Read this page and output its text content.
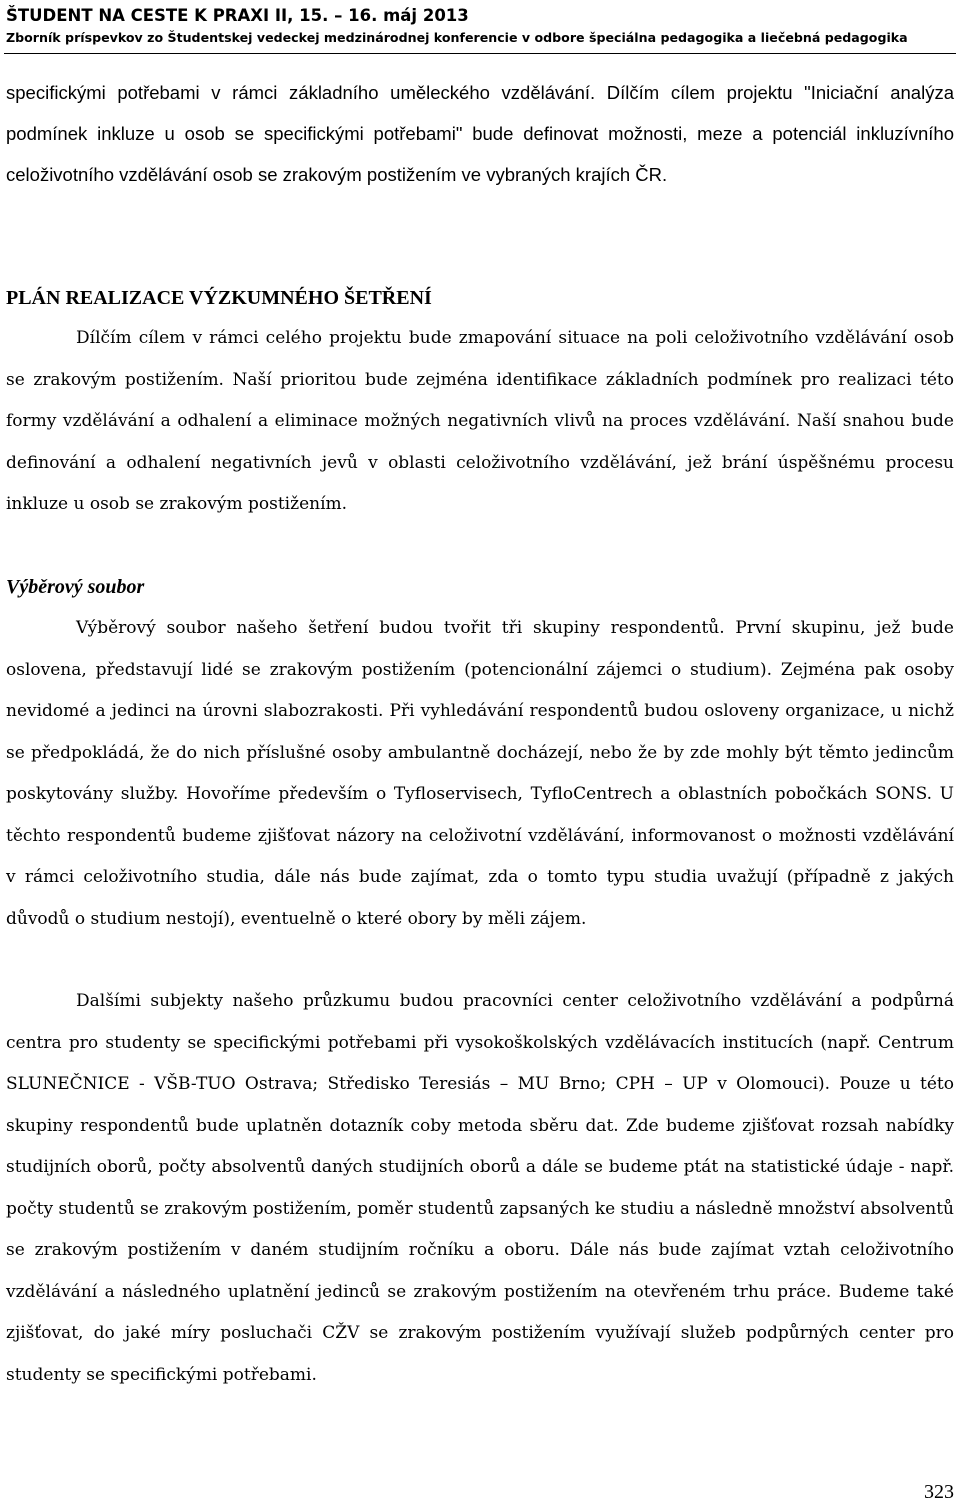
ŠTUDENT NA CESTE K PRAXI II, 15. – 16. máj 2013
Zborník príspevkov zo Študentskej vedeckej medzinárodnej konferencie v odbore špeciálna pedagogika a liečebná pedagogika

specifickými potřebami v rámci základního uměleckého vzdělávání. Dílčím cílem projektu "Iniciační analýza podmínek inkluze u osob se specifickými potřebami" bude definovat možnosti, meze a potenciál inkluzívního celoživotního vzdělávání osob se zrakovým postižením ve vybraných krajích ČR.

PLÁN REALIZACE VÝZKUMNÉHO ŠETŘENÍ

Dílčím cílem v rámci celého projektu bude zmapování situace na poli celoživotního vzdělávání osob se zrakovým postižením. Naší prioritou bude zejména identifikace základních podmínek pro realizaci této formy vzdělávání a odhalení a eliminace možných negativních vlivů na proces vzdělávání. Naší snahou bude definování a odhalení negativních jevů v oblasti celoživotního vzdělávání, jež brání úspěšnému procesu inkluze u osob se zrakovým postižením.

Výběrový soubor

Výběrový soubor našeho šetření budou tvořit tři skupiny respondentů. První skupinu, jež bude oslovena, představují lidé se zrakovým postižením (potencionální zájemci o studium). Zejména pak osoby nevidomé a jedinci na úrovni slabozrakosti. Při vyhledávání respondentů budou osloveny organizace, u nichž se předpokládá, že do nich příslušné osoby ambulantně docházejí, nebo že by zde mohly být těmto jedincům poskytovány služby. Hovoříme především o Tyfloservisech, TyfloCentrech a oblastních pobočkách SONS. U těchto respondentů budeme zjišťovat názory na celoživotní vzdělávání, informovanost o možnosti vzdělávání v rámci celoživotního studia, dále nás bude zajímat, zda o tomto typu studia uvažují (případně z jakých důvodů o studium nestojí), eventuelně o které obory by měli zájem.

Dalšími subjekty našeho průzkumu budou pracovníci center celoživotního vzdělávání a podpůrná centra pro studenty se specifickými potřebami při vysokoškolských vzdělávacích institucích (např. Centrum SLUNEČNICE - VŠB-TUO Ostrava; Středisko Teresiás – MU Brno; CPH – UP v Olomouci). Pouze u této skupiny respondentů bude uplatněn dotazník coby metoda sběru dat. Zde budeme zjišťovat rozsah nabídky studijních oborů, počty absolventů daných studijních oborů a dále se budeme ptát na statistické údaje - např. počty studentů se zrakovým postižením, poměr studentů zapsaných ke studiu a následně množství absolventů se zrakovým postižením v daném studijním ročníku a oboru. Dále nás bude zajímat vztah celoživotního vzdělávání a následného uplatnění jedinců se zrakovým postižením na otevřeném trhu práce. Budeme také zjišťovat, do jaké míry posluchači CŽV se zrakovým postižením využívají služeb podpůrných center pro studenty se specifickými potřebami.

323
